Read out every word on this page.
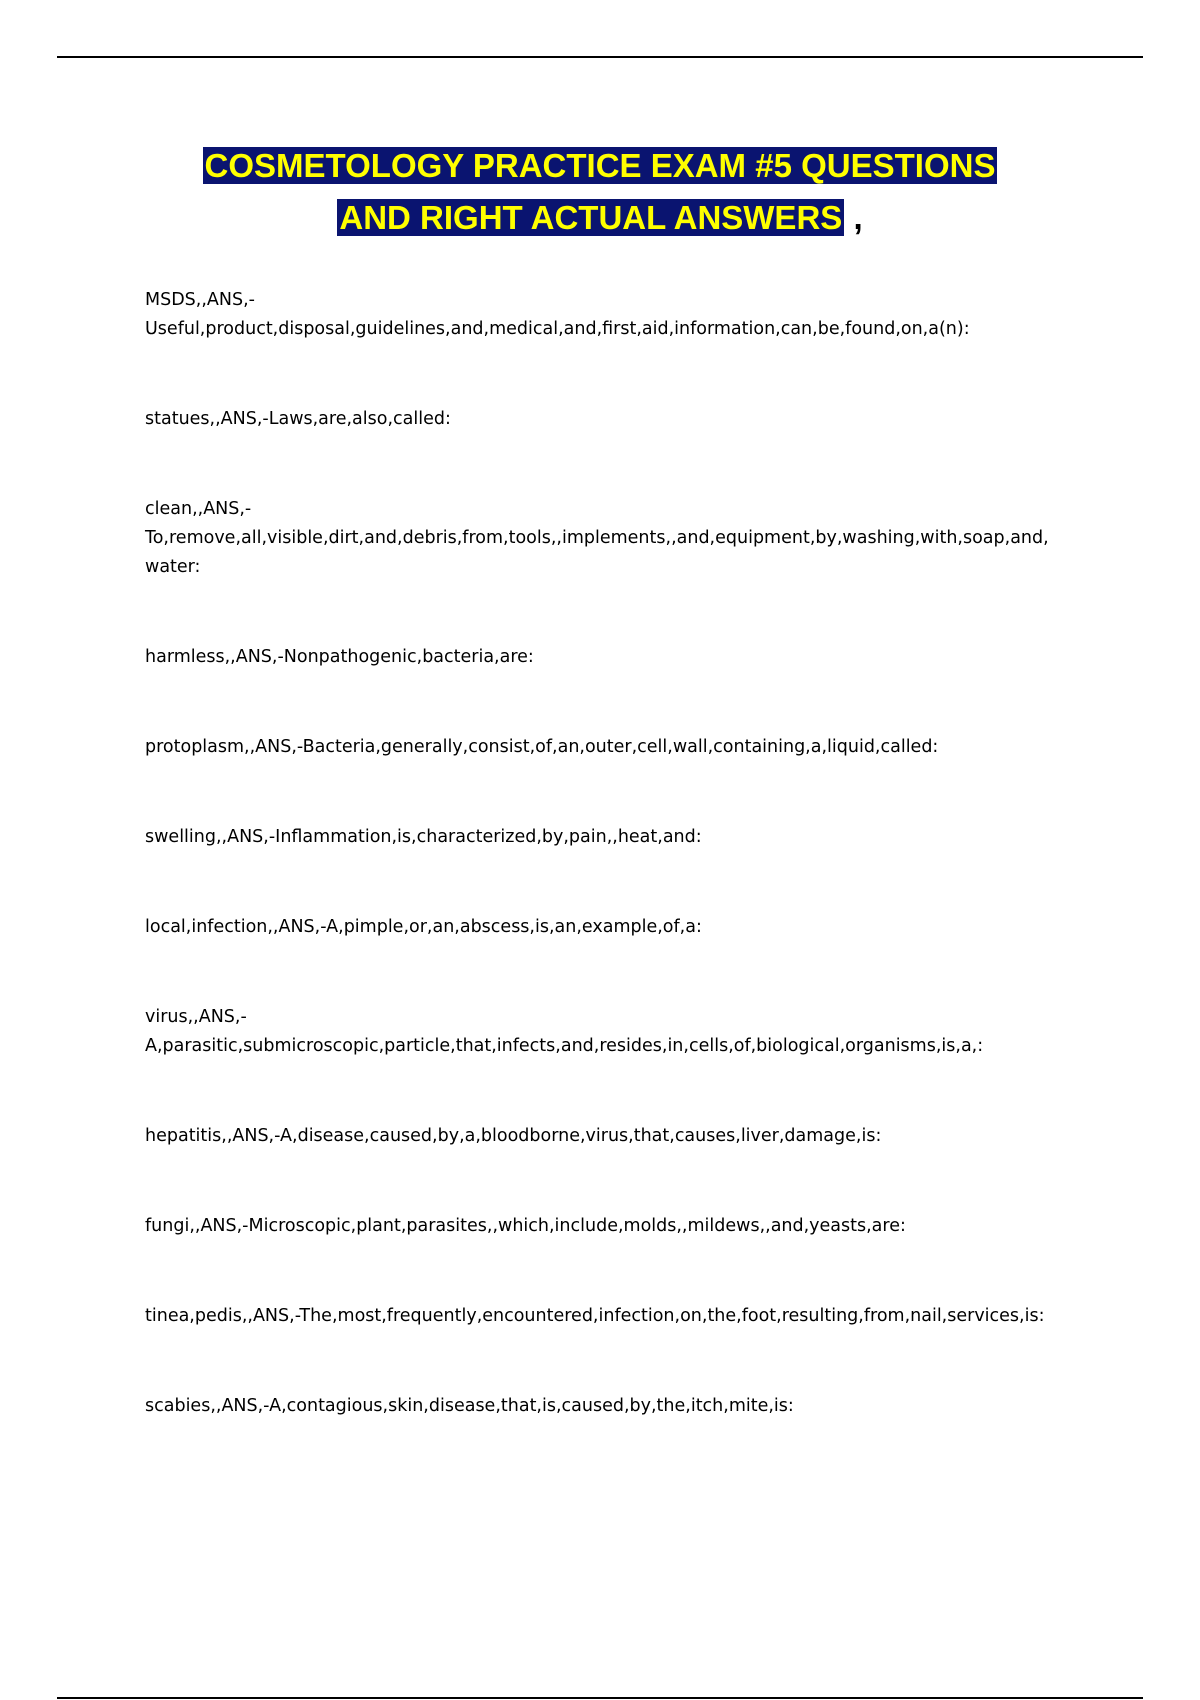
COSMETOLOGY PRACTICE EXAM #5 QUESTIONS
AND RIGHT ACTUAL ANSWERS ,
MSDS,,ANS,-
Useful,product,disposal,guidelines,and,medical,and,first,aid,information,can,be,found,on,a(n):
statues,,ANS,-Laws,are,also,called:
clean,,ANS,-
To,remove,all,visible,dirt,and,debris,from,tools,,implements,,and,equipment,by,washing,with,soap,and, water:
harmless,,ANS,-Nonpathogenic,bacteria,are:
protoplasm,,ANS,-Bacteria,generally,consist,of,an,outer,cell,wall,containing,a,liquid,called:
swelling,,ANS,-Inflammation,is,characterized,by,pain,,heat,and:
local,infection,,ANS,-A,pimple,or,an,abscess,is,an,example,of,a:
virus,,ANS,-
A,parasitic,submicroscopic,particle,that,infects,and,resides,in,cells,of,biological,organisms,is,a,:
hepatitis,,ANS,-A,disease,caused,by,a,bloodborne,virus,that,causes,liver,damage,is:
fungi,,ANS,-Microscopic,plant,parasites,,which,include,molds,,mildews,,and,yeasts,are:
tinea,pedis,,ANS,-The,most,frequently,encountered,infection,on,the,foot,resulting,from,nail,services,is:
scabies,,ANS,-A,contagious,skin,disease,that,is,caused,by,the,itch,mite,is:
